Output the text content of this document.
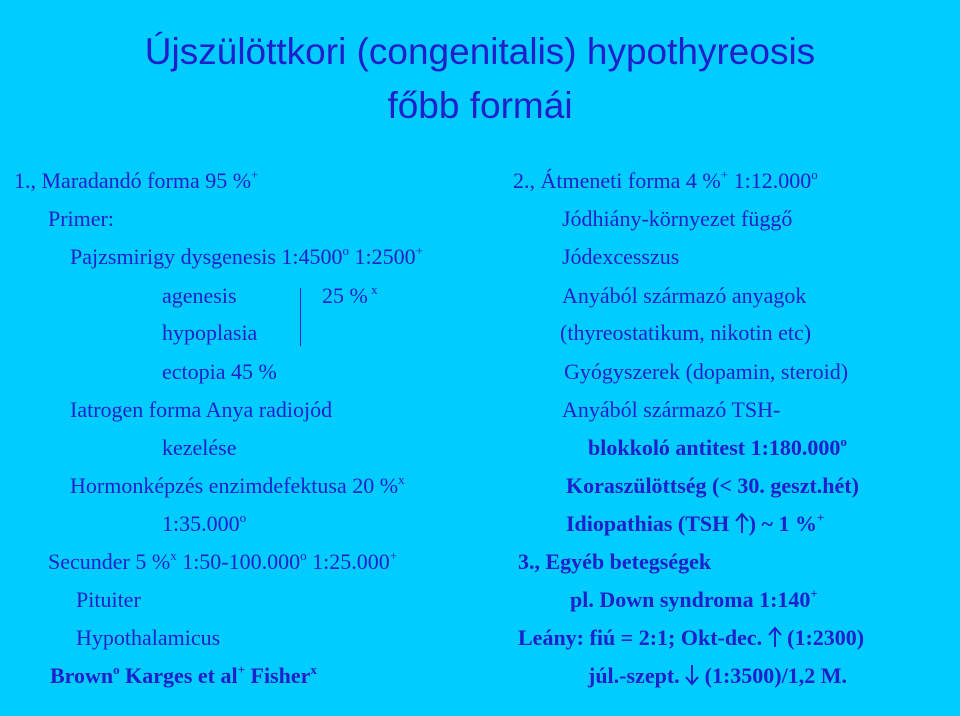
Újszülöttkori (congenitalis) hypothyreosis
főbb formái
1., Maradandó forma 95 %+
Primer:
Pajzsmirigy dysgenesis 1:4500$^o$ 1:2500+
agenesis	25 % $^x$
hypoplasia
ectopia 45 %
Iatrogen forma Anya radiojód
kezelése
Hormonképzés enzimdefektusa 20 %$^x$
1:35.000$^o$
Secunder 5 %$^x$ 1:50-100.000$^o$ 1:25.000+
Pituiter
Hypothalamicus
Brown$^o$ Karges et al+ Fisher$^x$
2., Átmeneti forma 4 %+ 1:12.000$^o$
Jódhiány-környezet függő
Jódexcesszus
Anyából származó anyagok
(thyreostatikum, nikotin etc)
Gyógyszerek (dopamin, steroid)
Anyából származó TSH-
blokkoló antitest 1:180.000$^o$
Koraszülöttség (< 30. geszt.hét)
Idiopathias (TSH ) ~ 1 %+
3., Egyéb betegségek
pl. Down syndroma 1:140+
Leány: fiú = 2:1; Okt-dec.  (1:2300)
júl.-szept.  (1:3500)/1,2 M.
